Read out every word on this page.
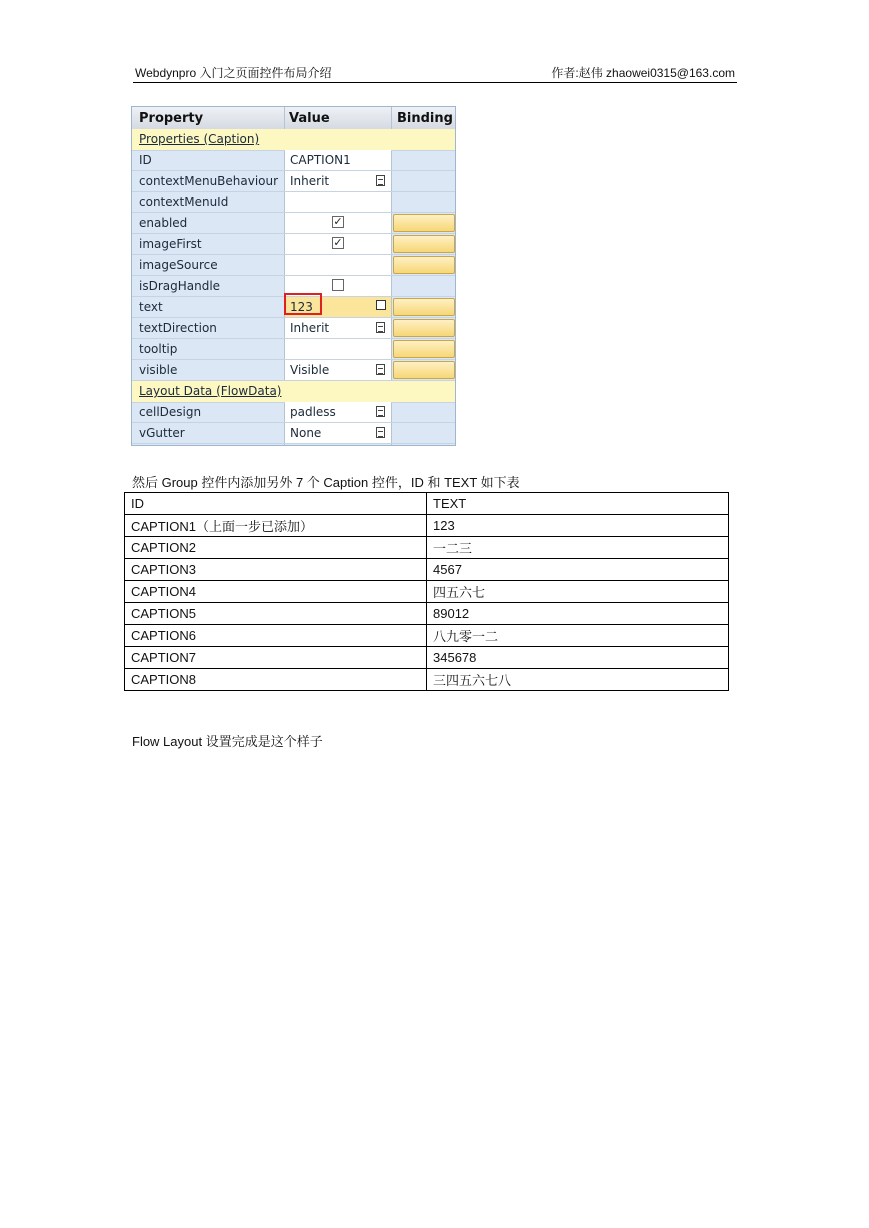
Webdynpro 入门之页面控件布局介绍	作者:赵伟 zhaowei0315@163.com
Property	Value	Binding
Properties (Caption)
ID	CAPTION1
contextMenuBehaviour Inherit
contextMenuId
enabled	✓
imageFirst	✓
imageSource
isDragHandle
text	123
textDirection	Inherit
tooltip
visible	Visible
Layout Data (FlowData)
cellDesign	padless
vGutter	None
然后 Group 控件内添加另外 7 个 Caption 控件，ID 和 TEXT 如下表
ID	TEXT
CAPTION1（上面一步已添加）	123
CAPTION2	一二三
CAPTION3	4567
CAPTION4	四五六七
CAPTION5	89012
CAPTION6	八九零一二
CAPTION7	345678
CAPTION8	三四五六七八
Flow Layout 设置完成是这个样子
